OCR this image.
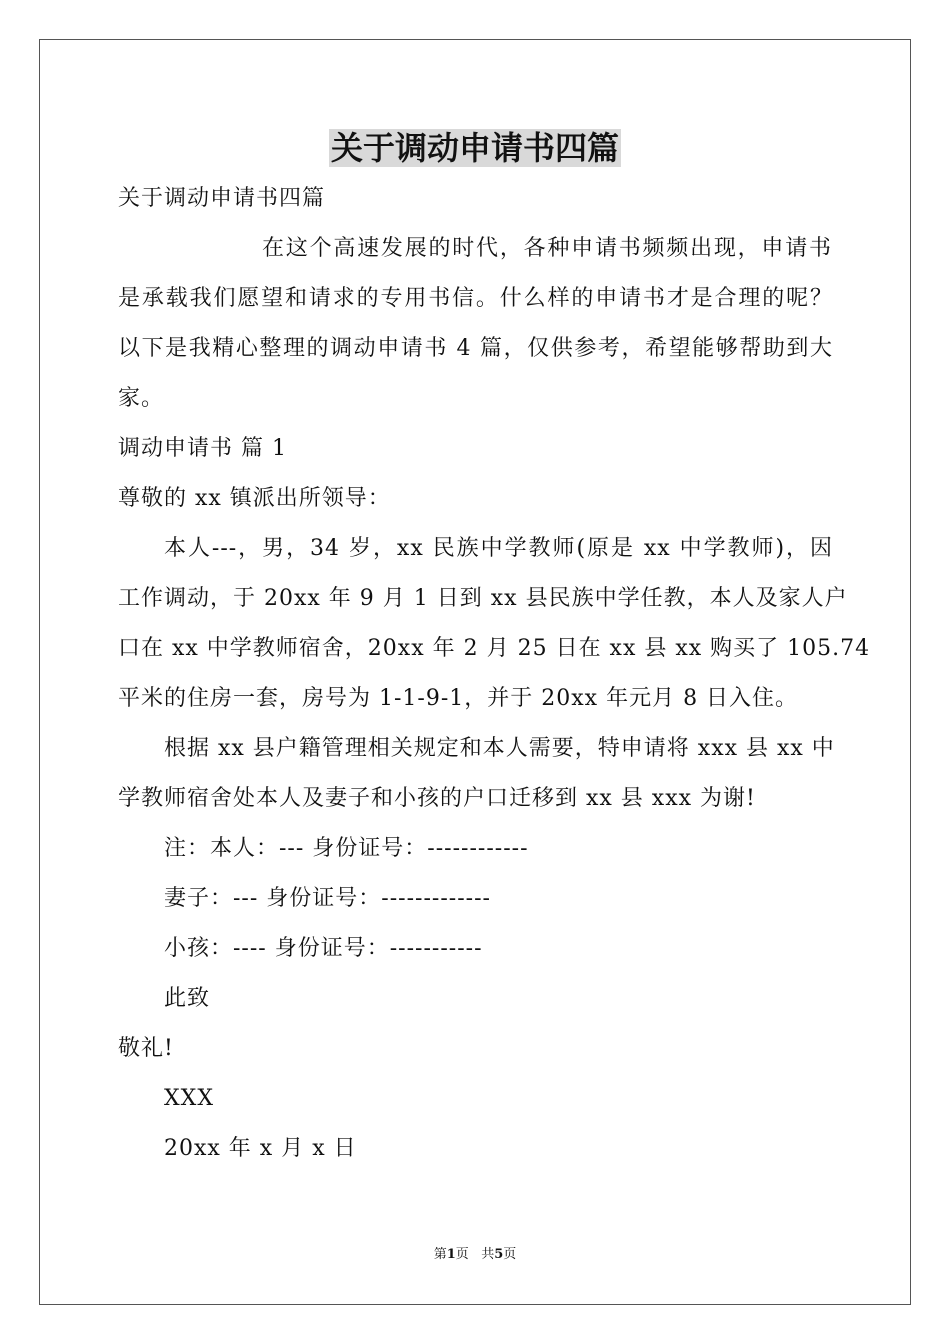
关于调动申请书四篇
关于调动申请书四篇
在这个高速发展的时代，各种申请书频频出现，申请书
是承载我们愿望和请求的专用书信。什么样的申请书才是合理的呢？
以下是我精心整理的调动申请书 4 篇，仅供参考，希望能够帮助到大
家。
调动申请书 篇 1
尊敬的 xx 镇派出所领导：
本人---，男，34 岁，xx 民族中学教师(原是 xx 中学教师)，因
工作调动，于 20xx 年 9 月 1 日到 xx 县民族中学任教，本人及家人户
口在 xx 中学教师宿舍，20xx 年 2 月 25 日在 xx 县 xx 购买了 105.74
平米的住房一套，房号为 1-1-9-1，并于 20xx 年元月 8 日入住。
根据 xx 县户籍管理相关规定和本人需要，特申请将 xxx 县 xx 中
学教师宿舍处本人及妻子和小孩的户口迁移到 xx 县 xxx 为谢!
注：本人：--- 身份证号：------------
妻子：--- 身份证号：-------------
小孩：---- 身份证号：-----------
此致
敬礼!
XXX
20xx 年 x 月 x 日
第1页   共5页
